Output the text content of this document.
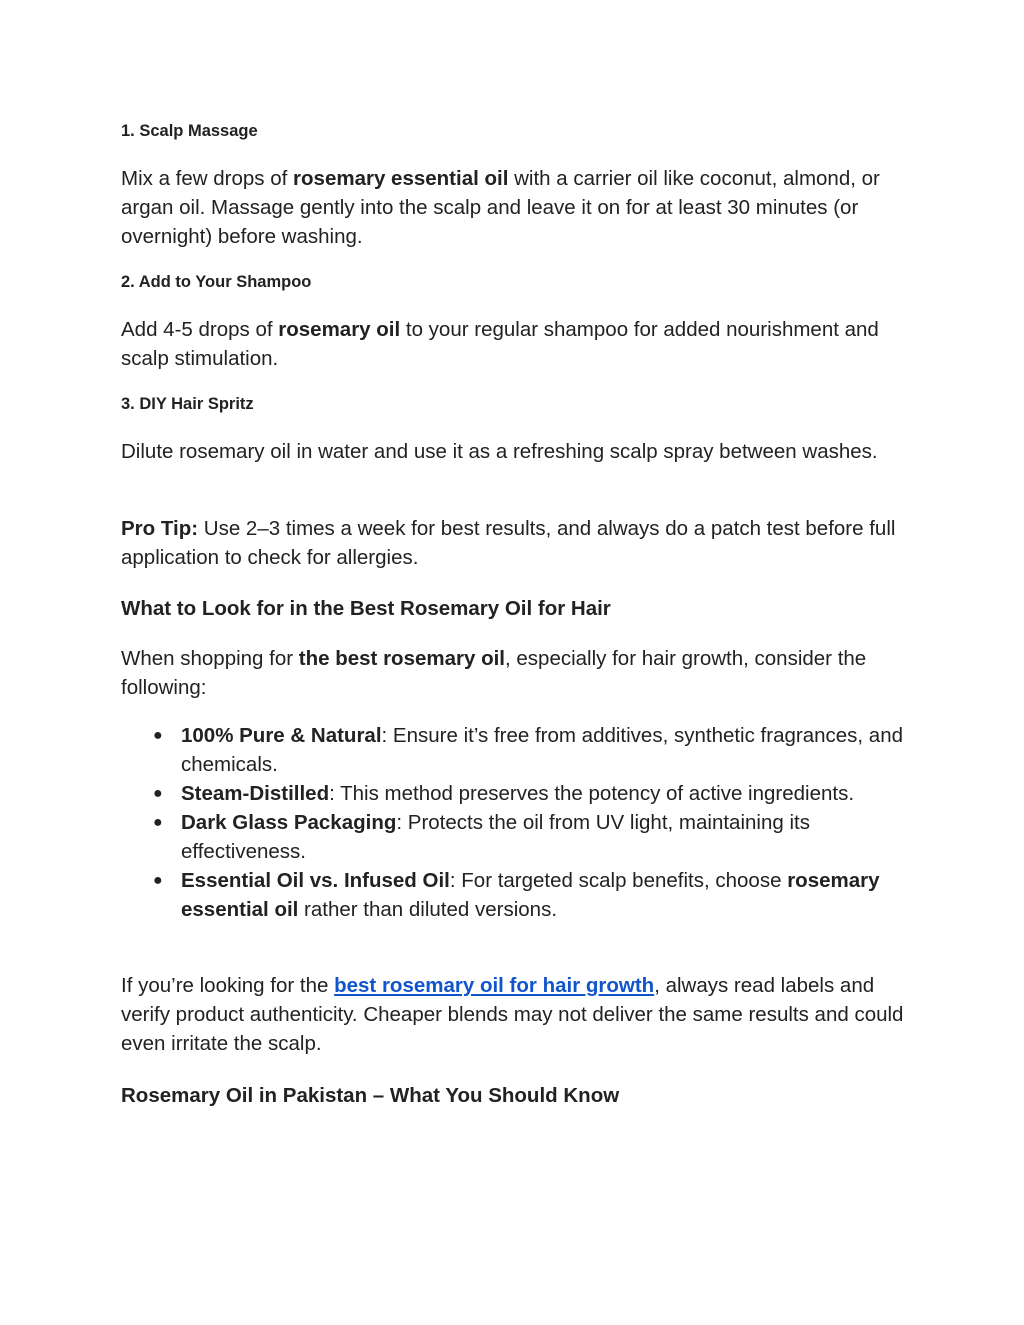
1. Scalp Massage
Mix a few drops of rosemary essential oil with a carrier oil like coconut, almond, or argan oil. Massage gently into the scalp and leave it on for at least 30 minutes (or overnight) before washing.
2. Add to Your Shampoo
Add 4-5 drops of rosemary oil to your regular shampoo for added nourishment and scalp stimulation.
3. DIY Hair Spritz
Dilute rosemary oil in water and use it as a refreshing scalp spray between washes.
Pro Tip: Use 2–3 times a week for best results, and always do a patch test before full application to check for allergies.
What to Look for in the Best Rosemary Oil for Hair
When shopping for the best rosemary oil, especially for hair growth, consider the following:
● 100% Pure & Natural: Ensure it’s free from additives, synthetic fragrances, and chemicals.
● Steam-Distilled: This method preserves the potency of active ingredients.
● Dark Glass Packaging: Protects the oil from UV light, maintaining its effectiveness.
● Essential Oil vs. Infused Oil: For targeted scalp benefits, choose rosemary essential oil rather than diluted versions.
If you’re looking for the best rosemary oil for hair growth, always read labels and verify product authenticity. Cheaper blends may not deliver the same results and could even irritate the scalp.
Rosemary Oil in Pakistan – What You Should Know
